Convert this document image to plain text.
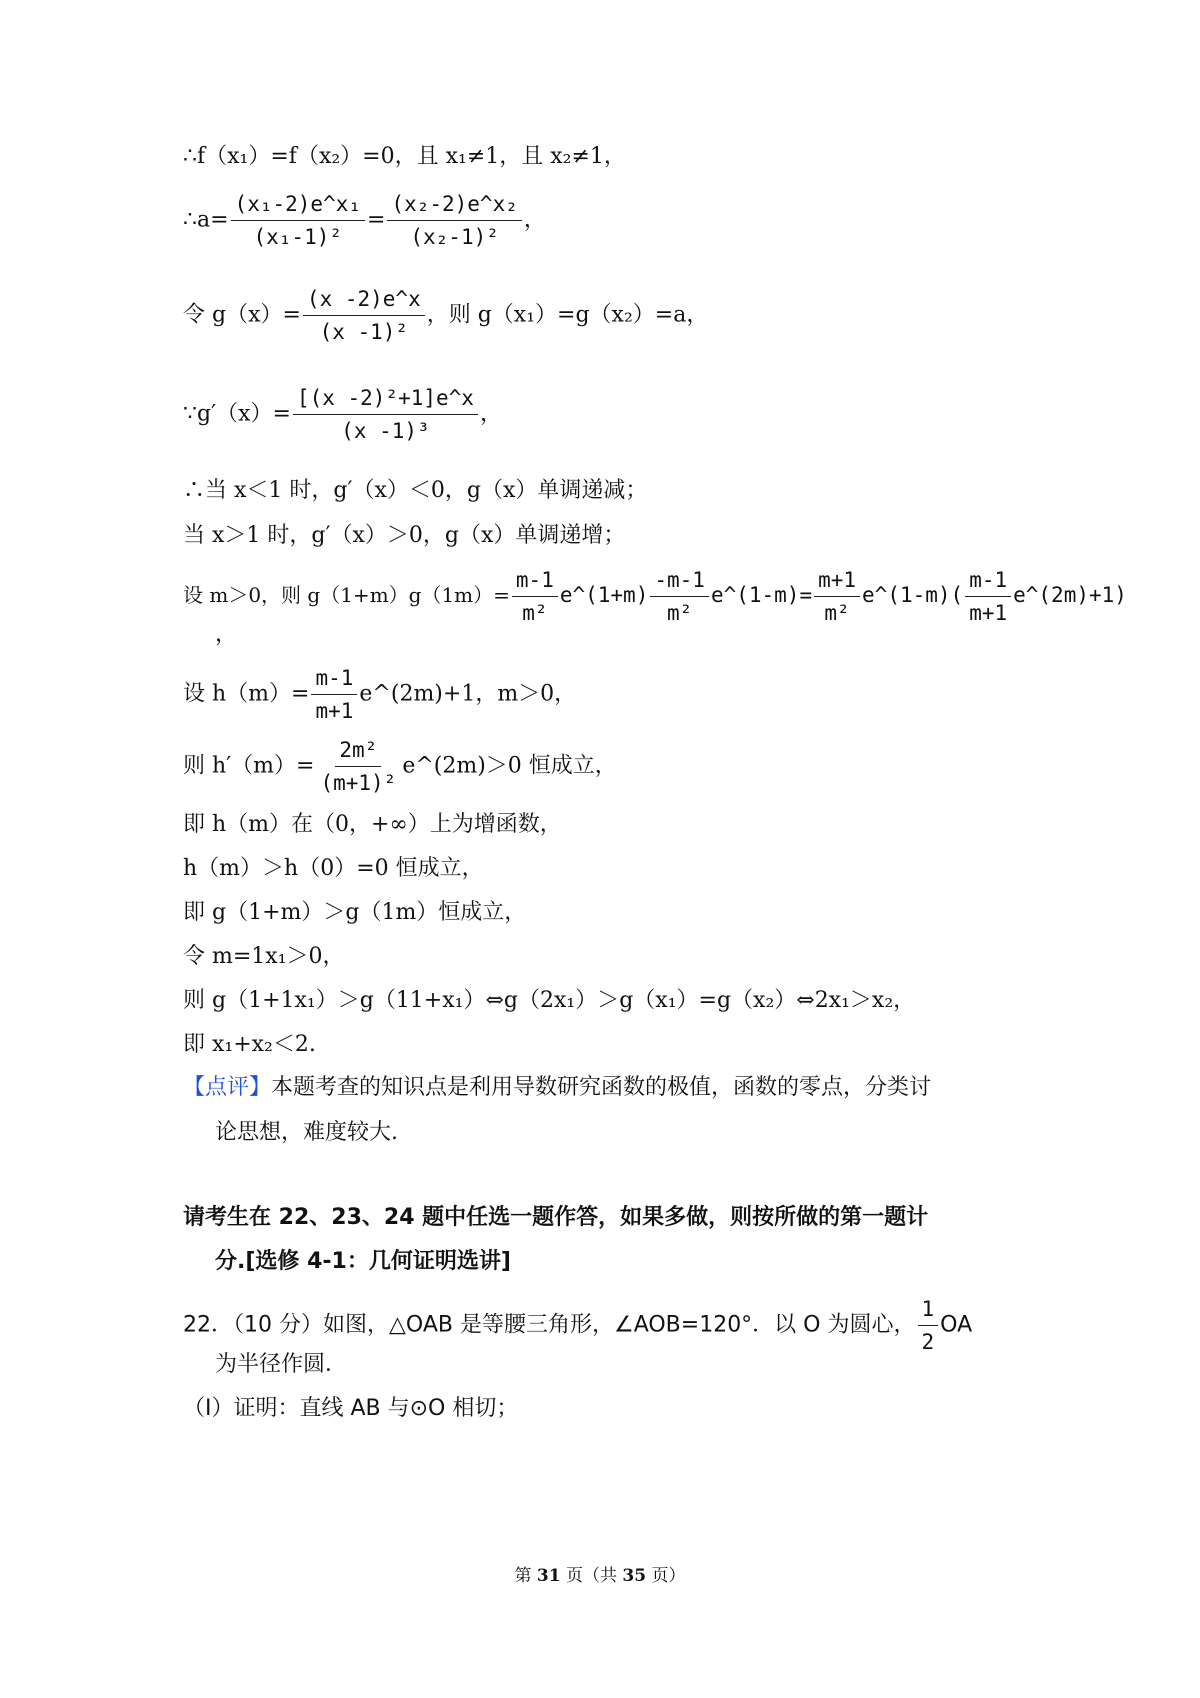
∴f（x₁）=f（x₂）=0，且 x₁≠1，且 x₂≠1，
∴a= $\frac{\text{(x₁-2)e\textasciicircum{}x₁}}{\text{(x₁-1)²}} = \frac{\text{(x₂-2)e\textasciicircum{}x₂}}{\text{(x₂-1)²}}$ ，
令 $g(x)= \frac{(x -2)e\^{}x}{\text{(x -1)²}}$ ，则 g（x₁）=g（x₂）=a，
∵g′（x）= $\frac{\text{[(x -2)²+1]e\textasciicircum{}x}}{\text{(x -1)³}}$ ，
∴当 x＜1 时，g′（x）＜0，g（x）单调递减；
当 x＞1 时，g′（x）＞0，g（x）单调递增；
设 m＞0，则 $g(1+m)g(1m)= \frac{m-1}{\text{m²}}$ e^(1+m) $\frac{-m-1}{\text{m²}}$ e^(1-m)= $\frac{m+1}{\text{m²}}$ e^(1-m)( $\frac{m-1}{m+1}$ e^(2m)+1)
，
设 $h(m)= \frac{m-1}{m+1}$ e^(2m)+1，m＞0，
则 $h'(m)= \frac{\text{2m²}}{\text{(m+1)²}}$ e^(2m)＞0 恒成立，
即 h（m）在（0，+∞）上为增函数，
h（m）＞h（0）=0 恒成立，
即 g（1+m）＞g（1m）恒成立，
令 m=1x₁＞0，
则 g（1+1x₁）＞g（11+x₁）⇔g（2x₁）＞g（x₁）=g（x₂）⇔2x₁＞x₂，
即 x₁+x₂＜2.
【点评】本题考查的知识点是利用导数研究函数的极值，函数的零点，分类讨
论思想，难度较大.
请考生在 22、23、24 题中任选一题作答，如果多做，则按所做的第一题计
分.[选修 4-1：几何证明选讲]
22．（10 分）如图，△OAB 是等腰三角形，∠AOB=120°．以 O 为圆心， $\frac{1}{2}$ OA
为半径作圆．
（Ⅰ）证明：直线 AB 与⊙O 相切；
第 31 页（共 35 页）
